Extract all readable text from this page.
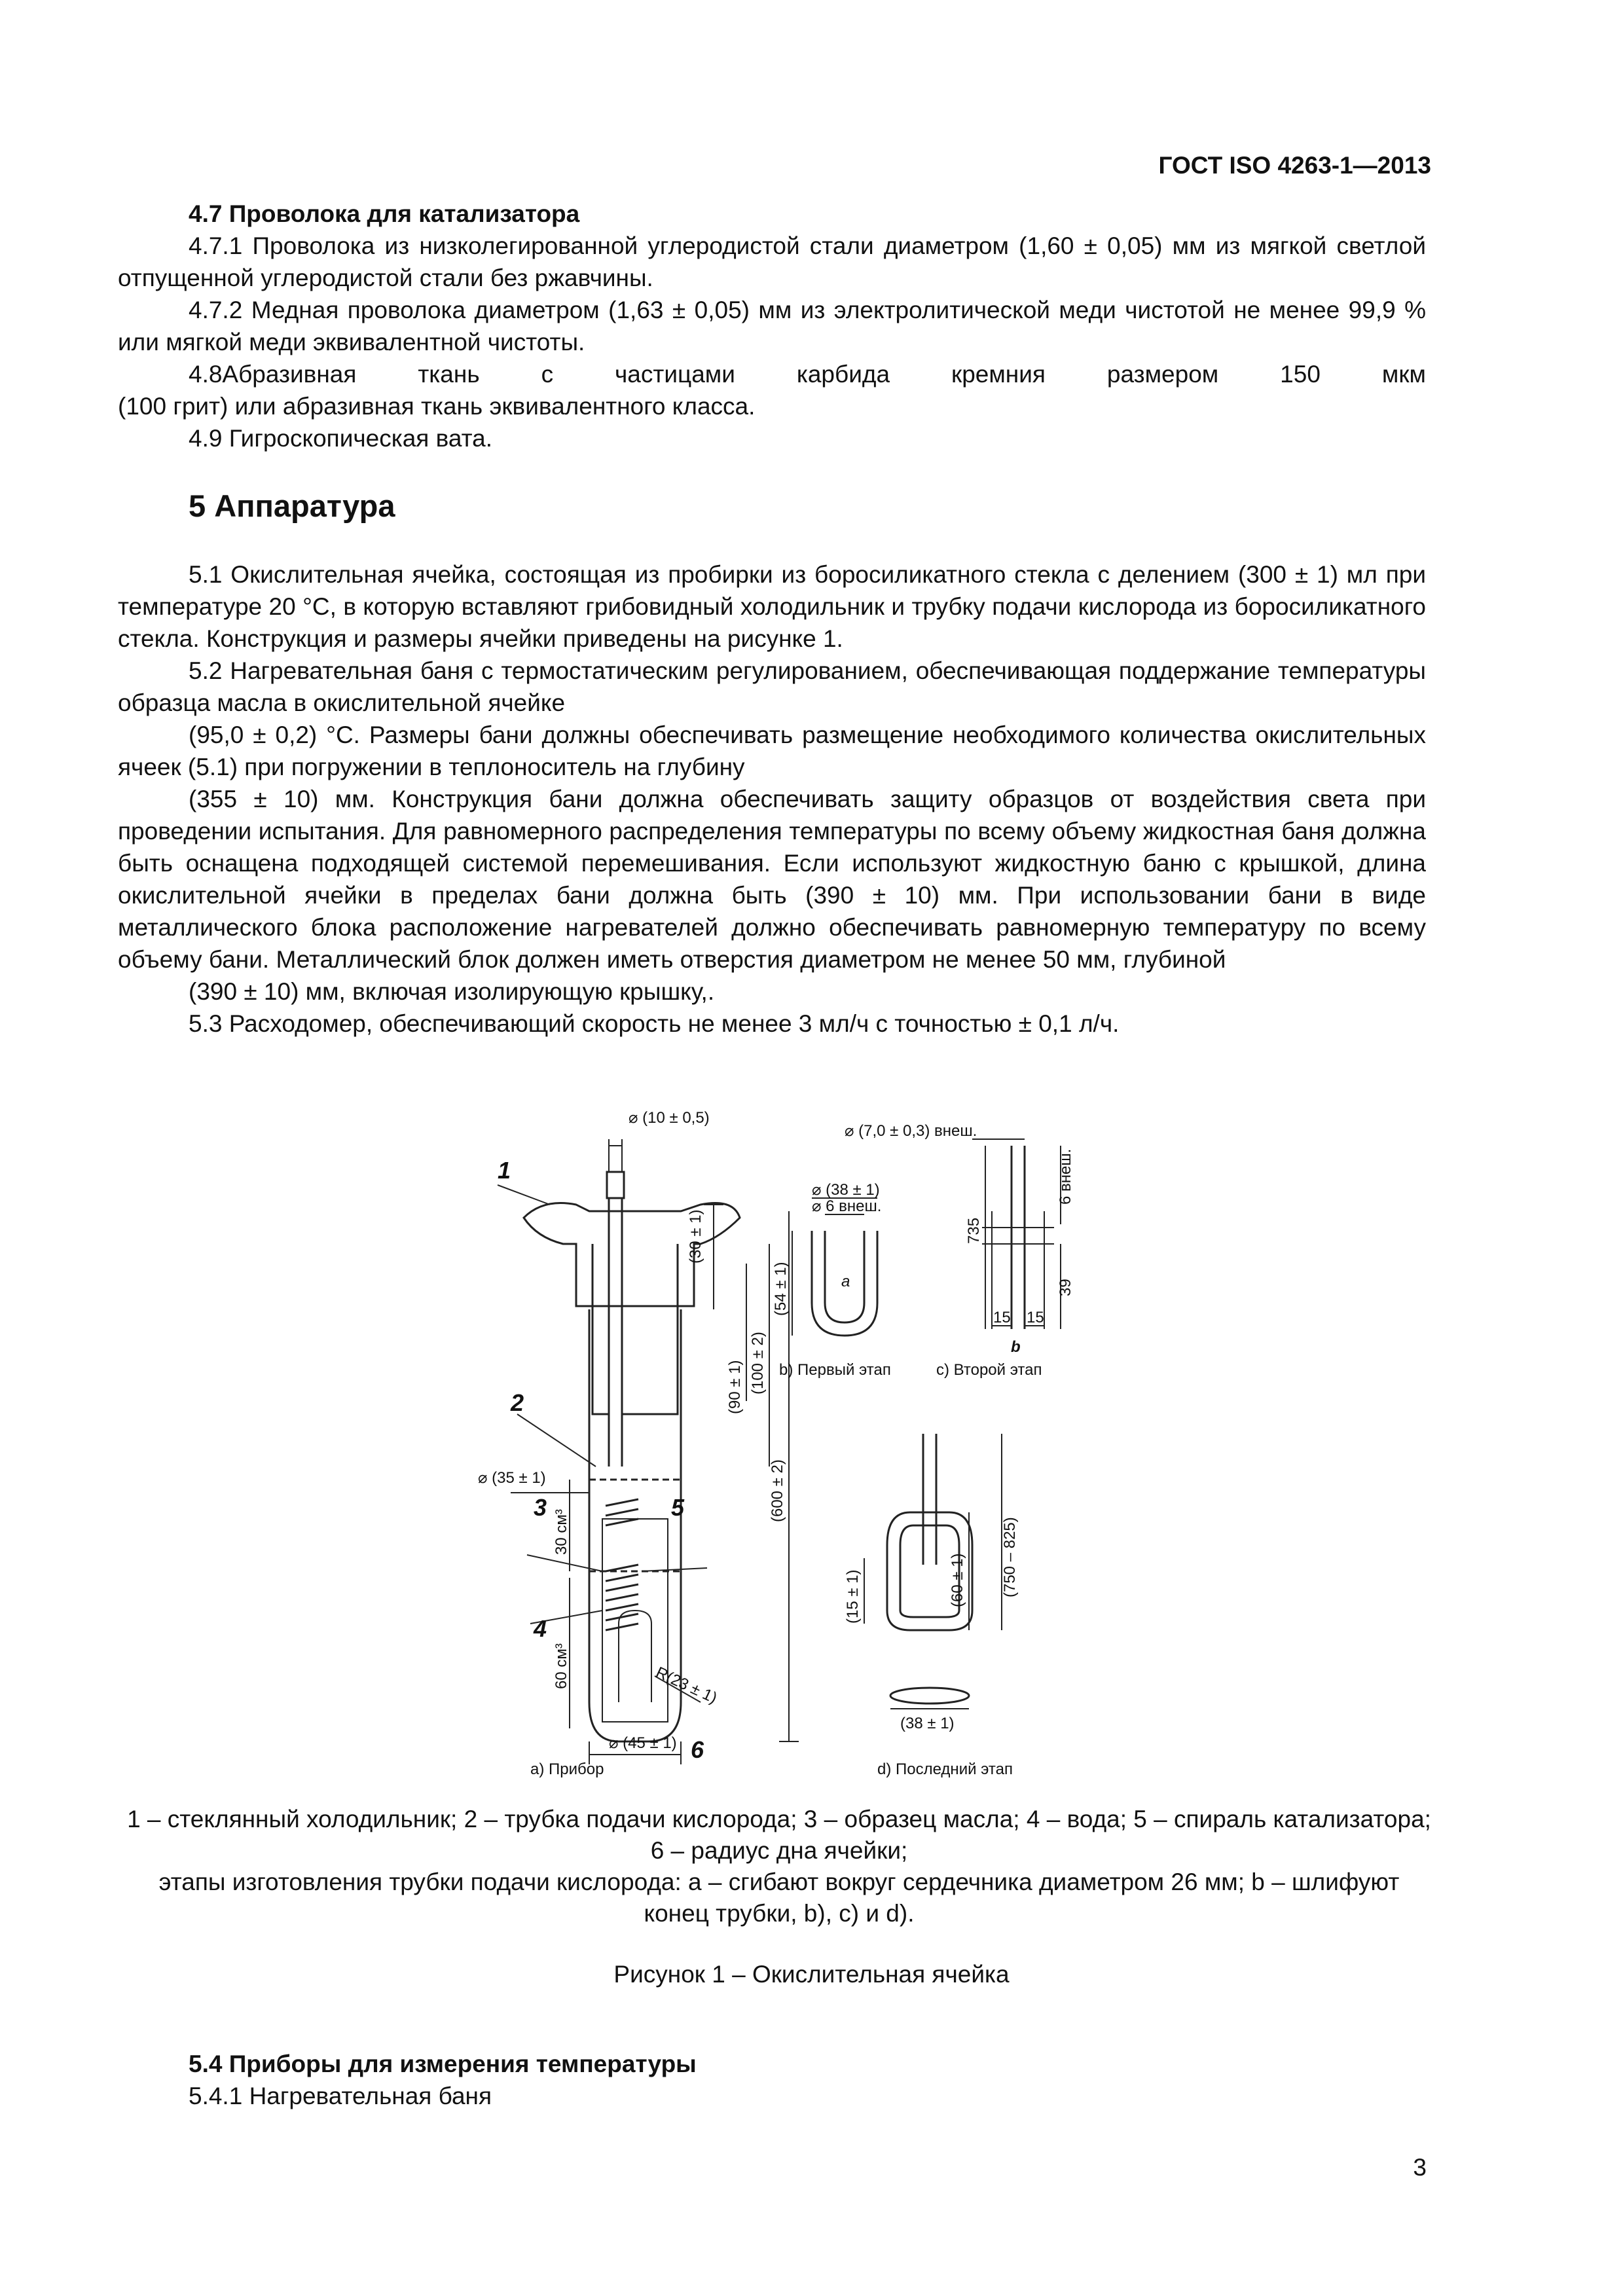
ГОСТ ISO 4263-1—2013

4.7 Проволока для катализатора

4.7.1 Проволока из низколегированной углеродистой стали диаметром (1,60 ± 0,05) мм из мягкой светлой отпущенной углеродистой стали без ржавчины.

4.7.2 Медная проволока диаметром (1,63 ± 0,05) мм из электролитической меди чистотой не менее 99,9 % или мягкой меди эквивалентной чистоты.

4.8Абразивная	ткань	с	частицами	карбида	кремния	размером	150	мкм

(100 грит) или абразивная ткань эквивалентного класса.

4.9 Гигроскопическая вата.

5 Аппаратура

5.1 Окислительная ячейка, состоящая из пробирки из боросиликатного стекла с делением (300 ± 1) мл при температуре 20 °С, в которую вставляют грибовидный холодильник и трубку подачи кислорода из боросиликатного стекла. Конструкция и размеры ячейки приведены на рисунке 1.

5.2 Нагревательная баня с термостатическим регулированием, обеспечивающая поддержание температуры образца масла в окислительной ячейке

(95,0 ± 0,2) °С. Размеры бани должны обеспечивать размещение необходимого количества окислительных ячеек (5.1) при погружении в теплоноситель на глубину

(355 ± 10) мм. Конструкция бани должна обеспечивать защиту образцов от воздействия света при проведении испытания. Для равномерного распределения температуры по всему объему жидкостная баня должна быть оснащена подходящей системой перемешивания. Если используют жидкостную баню с крышкой, длина окислительной ячейки в пределах бани должна быть (390 ± 10) мм. При использовании бани в виде металлического блока расположение нагревателей должно обеспечивать равномерную температуру по всему объему бани. Металлический блок должен иметь отверстия диаметром не менее 50 мм, глубиной

(390 ± 10) мм, включая изолирующую крышку,.

5.3 Расходомер, обеспечивающий скорость не менее 3 мл/ч с точностью ± 0,1 л/ч.

⌀ (10 ± 0,5)
(30 ± 1)
(90 ± 1) (100 ± 2)
(600 ± 2)
⌀ (35 ± 1)
30 см³
60 см³
⌀ (45 ± 1)
R(23 ± 1)
⌀ (38 ± 1)
⌀ 6 внеш.
(54 ± 1)	a
⌀ (7,0 ± 0,3) внеш.
735
6 внеш.
39
15 15
b
(750 – 825)
(15 ± 1)	(60 ± 1)
(38 ± 1)
1
2
3
4
5
6
а) Прибор
b) Первый этап	с) Второй этап
d) Последний этап

1 – стеклянный холодильник; 2 – трубка подачи кислорода; 3 – образец масла; 4 – вода; 5 – спираль катализатора; 6 – радиус дна ячейки;

этапы изготовления трубки подачи кислорода: a – сгибают вокруг сердечника диаметром 26 мм; b – шлифуют конец трубки, b), c) и d).

Рисунок 1 – Окислительная ячейка

5.4 Приборы для измерения температуры

5.4.1 Нагревательная баня

3
